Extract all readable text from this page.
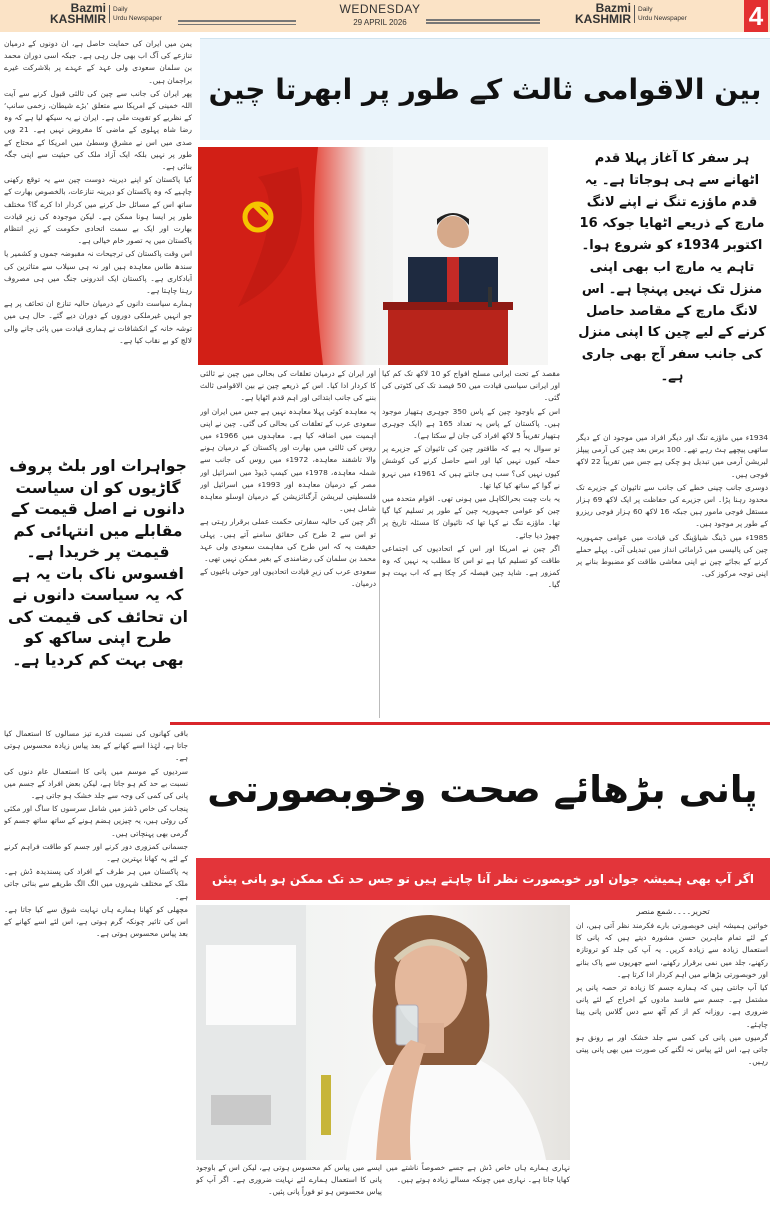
Bazmi
KASHMIR
Daily
Urdu Newspaper
WEDNESDAY
29 APRIL 2026
Bazmi
KASHMIR
Daily
Urdu Newspaper 4
بین الاقوامی ثالث کے طور پر ابھرتا چین

یمن میں ایران کی حمایت حاصل ہے، ان دونوں کے درمیان تنازعے کی آگ اب بھی جل رہی ہے۔ جبکہ اسی دوران محمد بن سلمان سعودی ولی عہد کے عہدے پر بلاشرکت غیرے براجمان ہیں۔

پھر ایران کی جانب سے چین کی ثالثی قبول کرنے سے آیت اللہ خمینی کے امریکا سے متعلق ’بڑے شیطان، زخمی سانپ‘ کے نظریے کو تقویت ملی ہے۔ ایران نے یہ سیکھ لیا ہے کہ وہ رضا شاہ پہلوی کے ماضی کا مقروض نہیں ہے۔ 21 ویں صدی میں اس نے مشرقِ وسطیٰ میں امریکا کے محتاج کے طور پر نہیں بلکہ ایک آزاد ملک کی حیثیت سے اپنی جگہ بنائی ہے۔

کیا پاکستان کو اپنے دیرینہ دوست چین سے یہ توقع رکھنی چاہیے کہ وہ پاکستان کو دیرینہ تنازعات، بالخصوص بھارت کے ساتھ اس کے مسائل حل کرنے میں کردار ادا کرے گا؟ مختلف طور پر ایسا ہونا ممکن ہے۔ لیکن موجودہ کی زیرِ قیادت بھارت اور ایک بے سمت اتحادی حکومت کے زیرِ انتظام پاکستان میں یہ تصور خام خیالی ہے۔

اس وقت پاکستان کی ترجیحات نہ مقبوضہ جموں و کشمیر یا سندھ طاس معاہدہ ہیں اور نہ ہی سیلاب سے متاثرین کی آبادکاری ہے۔ پاکستان ایک اندرونی جنگ میں ہی مصروف رہنا چاہتا ہے۔

ہمارے سیاست دانوں کے درمیان حالیہ تنازع ان تحائف پر ہے جو انہیں غیرملکی دوروں کے دوران دیے گئے۔ حال ہی میں توشہ خانہ کے انکشافات نے ہماری قیادت میں پائی جانے والی لالچ کو بے نقاب کیا ہے۔

جواہرات اور بلٹ پروف گاڑیوں کو ان سیاست دانوں نے اصل قیمت کے مقابلے میں انتہائی کم قیمت پر خریدا ہے۔ افسوس ناک بات یہ ہے کہ یہ سیاست دانوں نے ان تحائف کی قیمت کی طرح اپنی ساکھ کو بھی بہت کم کردیا ہے۔
ہر سفر کا آغاز پہلا قدم اٹھانے سے ہی ہوجاتا ہے۔ یہ قدم ماؤزے تنگ نے اپنے لانگ مارچ کے ذریعے اٹھایا جوکہ 16 اکتوبر 1934ء کو شروع ہوا۔ تاہم یہ مارچ اب بھی اپنی منزل تک نہیں پہنچا ہے۔ اس لانگ مارچ کے مقاصد حاصل کرنے کے لیے چین کا اپنی منزل کی جانب سفر آج بھی جاری ہے۔

مقصد کے تحت ایرانی مسلح افواج کو 10 لاکھ تک کم کیا اور ایرانی سیاسی قیادت میں 50 فیصد تک کی کٹوتی کی گئی۔

اس کے باوجود چین کے پاس 350 جوہری ہتھیار موجود ہیں۔ پاکستان کے پاس یہ تعداد 165 ہے (ایک جوہری ہتھیار تقریباً 5 لاکھ افراد کی جان لے سکتا ہے)۔

تو سوال یہ ہے کہ طاقتور چین کی تائیوان کے جزیرے پر حملہ کیوں نہیں کیا اور اسے حاصل کرنے کی کوشش کیوں نہیں کی؟ سب ہی جانتے ہیں کہ 1961ء میں نہرو نے گوا کے ساتھ کیا کیا تھا۔

یہ بات چیت بحرالکاہل میں ہونی تھی۔ اقوام متحدہ میں چین کو عوامی جمہوریہ چین کے طور پر تسلیم کیا گیا تھا۔ ماؤزے تنگ نے کہا تھا کہ تائیوان کا مسئلہ تاریخ پر چھوڑ دیا جائے۔

اگر چین نے امریکا اور اس کے اتحادیوں کی اجتماعی طاقت کو تسلیم کیا ہے تو اس کا مطلب یہ نہیں کہ وہ کمزور ہے۔ شاید چین فیصلہ کر چکا ہے کہ اب بہت ہو گیا۔

اور ایران کے درمیان تعلقات کی بحالی میں چین نے ثالثی کا کردار ادا کیا۔ اس کے ذریعے چین نے بین الاقوامی ثالث بننے کی جانب ابتدائی اور اہم قدم اٹھایا ہے۔

یہ معاہدہ کوئی پہلا معاہدہ نہیں ہے جس میں ایران اور سعودی عرب کے تعلقات کی بحالی کی گئی۔ چین نے اپنی اہمیت میں اضافہ کیا ہے۔ معاہدوں میں 1966ء میں روس کی ثالثی میں بھارت اور پاکستان کے درمیان ہونے والا تاشقند معاہدہ، 1972ء میں روس کی جانب سے شملہ معاہدہ، 1978ء میں کیمپ ڈیوڈ میں اسرائیل اور مصر کے درمیان معاہدہ اور 1993ء میں اسرائیل اور فلسطینی لبریشن آرگنائزیشن کے درمیان اوسلو معاہدہ شامل ہیں۔

اگر چین کی حالیہ سفارتی حکمت عملی برقرار رہتی ہے تو اس سے 2 طرح کی حقائق سامنے آتے ہیں۔ پہلی حقیقت یہ کہ اس طرح کی مفاہمت سعودی ولی عہد محمد بن سلمان کی رضامندی کے بغیر ممکن نہیں تھی۔

سعودی عرب کی زیرِ قیادت اتحادیوں اور حوثی باغیوں کے درمیان۔

1934ء میں ماؤزے تنگ اور دیگر افراد میں موجود ان کے دیگر ساتھی پیچھے ہٹ رہے تھے۔ 100 برس بعد چین کی آرمی پیپلز لبریشن آرمی میں تبدیل ہو چکی ہے جس میں تقریباً 22 لاکھ فوجی ہیں۔

دوسری جانب چینی خطے کی جانب سے تائیوان کے جزیرے تک محدود رہنا پڑا۔ اس جزیرے کی حفاظت پر ایک لاکھ 69 ہزار مستقل فوجی مامور ہیں جبکہ 16 لاکھ 60 ہزار فوجی ریزرو کے طور پر موجود ہیں۔

1985ء میں ڈینگ شیاؤپنگ کی قیادت میں عوامی جمہوریہ چین کی پالیسی میں ڈرامائی انداز میں تبدیلی آئی۔ پہلے حملے کرنے کے بجائے چین نے اپنی معاشی طاقت کو مضبوط بنانے پر اپنی توجہ مرکوز کی۔

باقی کھانوں کی نسبت قدرے تیز مسالوں کا استعمال کیا جاتا ہے، لہٰذا اسے کھانے کے بعد پیاس زیادہ محسوس ہوتی ہے۔

سردیوں کے موسم میں پانی کا استعمال عام دنوں کی نسبت بے حد کم ہو جاتا ہے، لیکن بعض افراد کے جسم میں پانی کی کمی کی وجہ سے جلد خشک ہو جاتی ہے۔

پنجاب کی خاص ڈشز میں شامل سرسوں کا ساگ اور مکئی کی روٹی ہیں، یہ چیزیں ہضم ہونے کے ساتھ ساتھ جسم کو گرمی بھی پہنچاتی ہیں۔

جسمانی کمزوری دور کرنے اور جسم کو طاقت فراہم کرنے کے لئے یہ کھانا بہترین ہے۔

یہ پاکستان میں ہر طرف کے افراد کی پسندیدہ ڈش ہے۔ ملک کے مختلف شہروں میں الگ الگ طریقے سے بنائی جاتی ہے۔

مچھلی کو کھانا ہمارے ہاں نہایت شوق سے کیا جاتا ہے۔ اس کی تاثیر چونکہ گرم ہوتی ہے، اس لئے اسے کھانے کے بعد پیاس محسوس ہوتی ہے۔

پانی بڑھائے صحت وخوبصورتی
اگر آپ بھی ہمیشہ جوان اور خوبصورت نظر آنا چاہتے ہیں تو جس حد تک ممکن ہو پانی پیئں
ایسے میں پیاس کم محسوس ہوتی ہے، لیکن اس کے باوجود پانی کا استعمال ہمارے لئے نہایت ضروری ہے۔ اگر آپ کو پیاس محسوس ہو تو فوراً پانی پئیں۔
نہاری ہمارے ہاں خاص ڈش ہے جسے خصوصاً ناشتے میں کھایا جاتا ہے۔ نہاری میں چونکہ مسالے زیادہ ہوتے ہیں۔
تحریر۔۔۔۔شمع منصر

خواتین ہمیشہ اپنی خوبصورتی بارے فکرمند نظر آتی ہیں، ان کے لئے تمام ماہرین حسن مشورہ دیتے ہیں کہ پانی کا استعمال زیادہ سے زیادہ کریں۔ یہ آپ کی جلد کو تروتازہ رکھنے، جلد میں نمی برقرار رکھنے، اسے جھریوں سے پاک بنانے اور خوبصورتی بڑھانے میں اہم کردار ادا کرتا ہے۔

کیا آپ جانتی ہیں کہ ہمارے جسم کا زیادہ تر حصہ پانی پر مشتمل ہے۔ جسم سے فاسد مادوں کے اخراج کے لئے پانی ضروری ہے۔ روزانہ کم از کم آٹھ سے دس گلاس پانی پینا چاہئے۔

گرمیوں میں پانی کی کمی سے جلد خشک اور بے رونق ہو جاتی ہے، اس لئے پیاس نہ لگنے کی صورت میں بھی پانی پیتی رہیں۔
